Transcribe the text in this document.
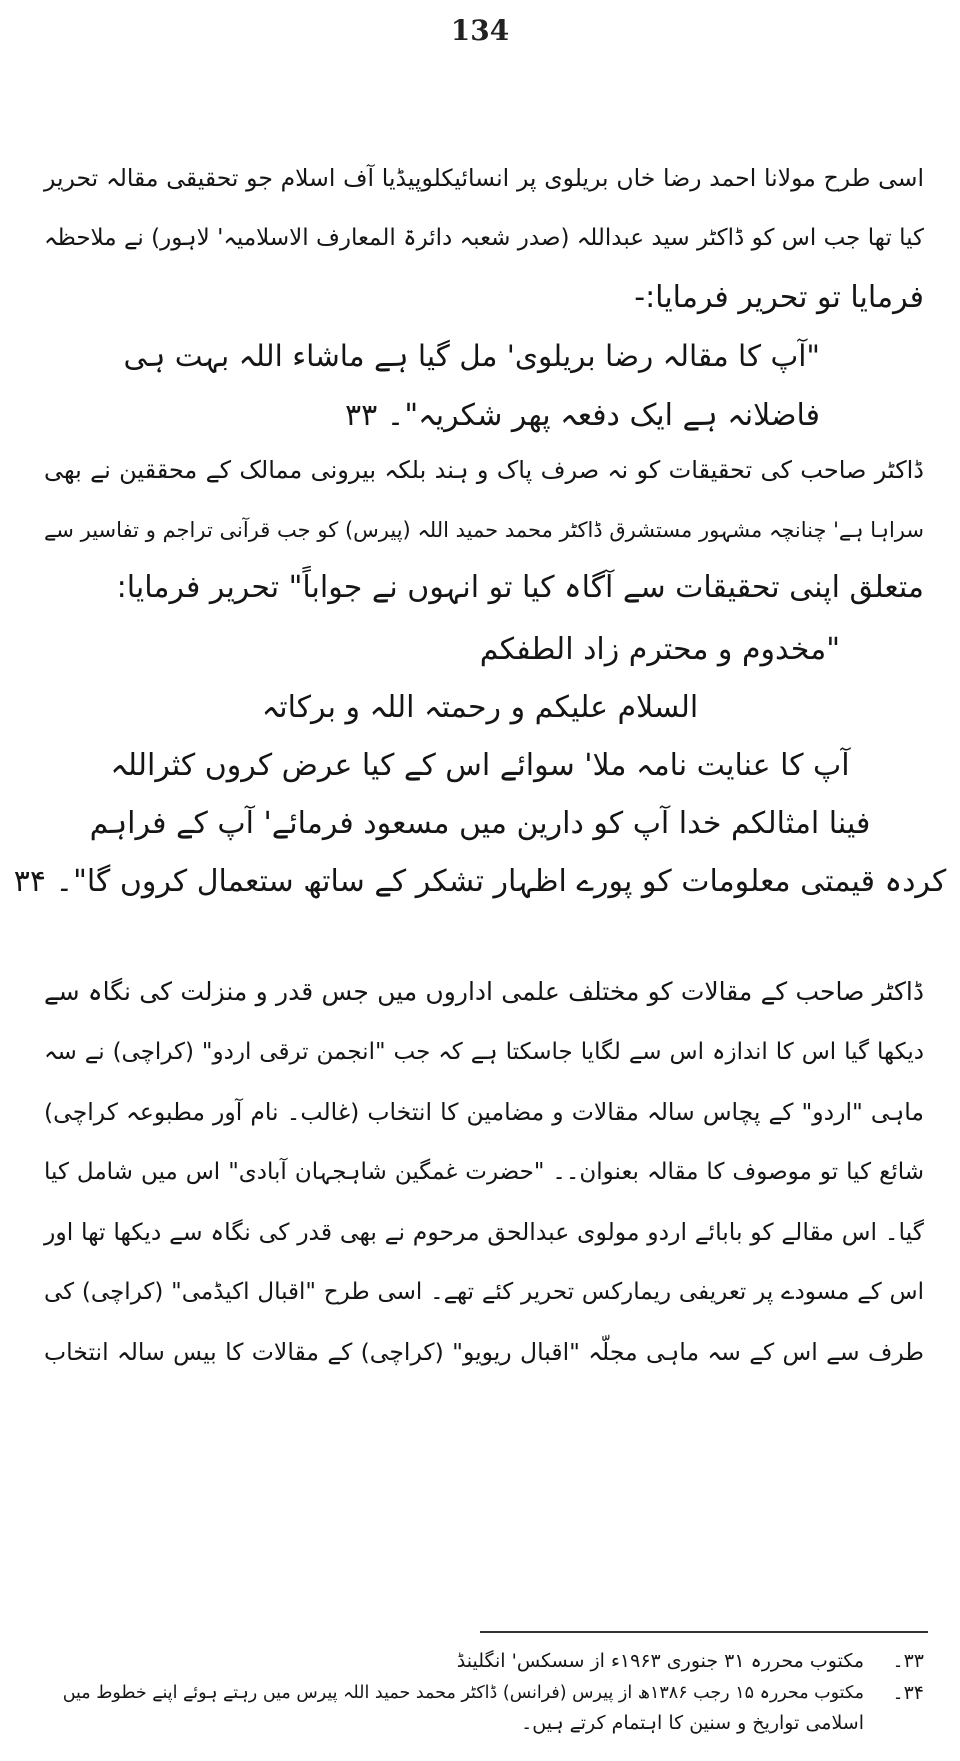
134
اسی طرح مولانا احمد رضا خاں بریلوی پر انسائیکلوپیڈیا آف اسلام جو تحقیقی مقالہ تحریر
کیا تھا جب اس کو ڈاکٹر سید عبداللہ (صدر شعبہ دائرۃ المعارف الاسلامیہ' لاہور) نے ملاحظہ
فرمایا تو تحریر فرمایا:-
"آپ کا مقالہ رضا بریلوی' مل گیا ہے ماشاء اللہ بہت ہی
فاضلانہ ہے ایک دفعہ پھر شکریہ"۔ ۳۳
ڈاکٹر صاحب کی تحقیقات کو نہ صرف پاک و ہند بلکہ بیرونی ممالک کے محققین نے بھی
سراہا ہے' چنانچہ مشہور مستشرق ڈاکٹر محمد حمید اللہ (پیرس) کو جب قرآنی تراجم و تفاسیر سے
متعلق اپنی تحقیقات سے آگاہ کیا تو انہوں نے جواباً" تحریر فرمایا:
"مخدوم و محترم زاد الطفکم
السلام علیکم و رحمتہ اللہ و برکاتہ
آپ کا عنایت نامہ ملا' سوائے اس کے کیا عرض کروں کثراللہ
فینا امثالکم خدا آپ کو دارین میں مسعود فرمائے' آپ کے فراہم
کردہ قیمتی معلومات کو پورے اظہار تشکر کے ساتھ ستعمال کروں گا"۔ ۳۴
ڈاکٹر صاحب کے مقالات کو مختلف علمی اداروں میں جس قدر و منزلت کی نگاہ سے
دیکھا گیا اس کا اندازہ اس سے لگایا جاسکتا ہے کہ جب "انجمن ترقی اردو" (کراچی) نے سہ
ماہی "اردو" کے پچاس سالہ مقالات و مضامین کا انتخاب (غالب۔ نام آور مطبوعہ کراچی)
شائع کیا تو موصوف کا مقالہ بعنوان۔۔ "حضرت غمگین شاہجہان آبادی" اس میں شامل کیا
گیا۔ اس مقالے کو بابائے اردو مولوی عبدالحق مرحوم نے بھی قدر کی نگاہ سے دیکھا تھا اور
اس کے مسودے پر تعریفی ریمارکس تحریر کئے تھے۔ اسی طرح "اقبال اکیڈمی" (کراچی) کی
طرف سے اس کے سہ ماہی مجلّہ "اقبال ریویو" (کراچی) کے مقالات کا بیس سالہ انتخاب
۳۳۔
مکتوب محررہ ۳۱ جنوری ۱۹۶۳ء از سسکس' انگلینڈ
۳۴۔
مکتوب محررہ ۱۵ رجب ۱۳۸۶ھ از پیرس (فرانس) ڈاکٹر محمد حمید اللہ پیرس میں رہتے ہوئے اپنے خطوط میں
اسلامی تواریخ و سنین کا اہتمام کرتے ہیں۔
